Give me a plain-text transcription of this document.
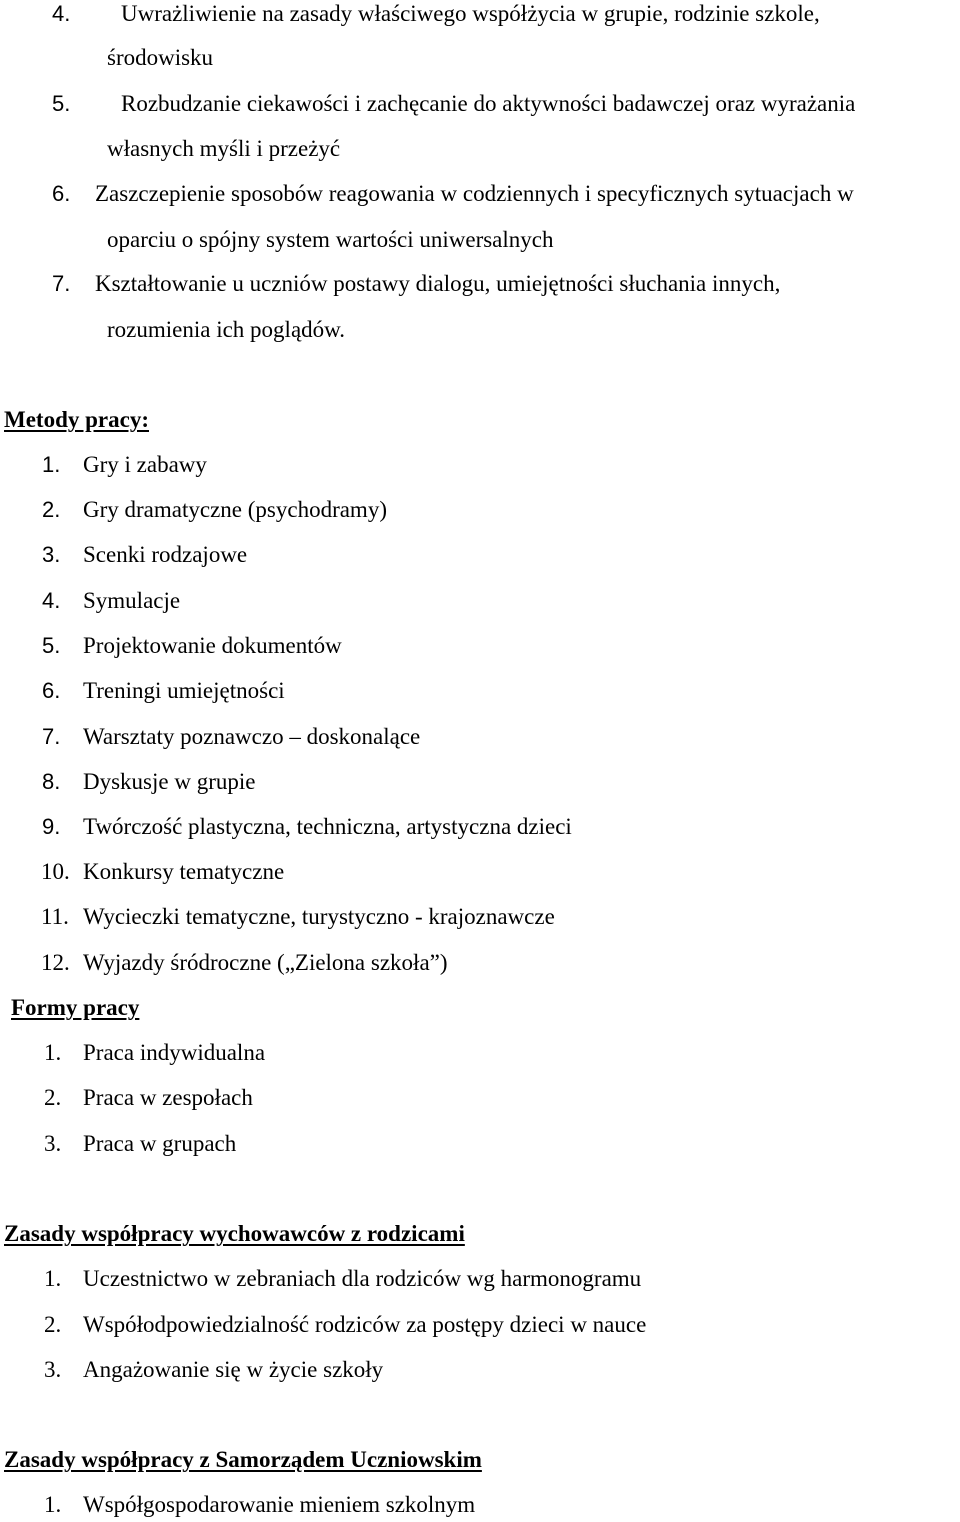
4. Uwrażliwienie na zasady właściwego współżycia w grupie, rodzinie szkole,
środowisku
5. Rozbudzanie ciekawości i zachęcanie do aktywności badawczej oraz wyrażania
własnych myśli i przeżyć
6. Zaszczepienie sposobów reagowania w codziennych i specyficznych sytuacjach w
oparciu o spójny system wartości uniwersalnych
7. Kształtowanie u uczniów postawy dialogu, umiejętności słuchania innych,
rozumienia ich poglądów.
Metody pracy:
1. Gry i zabawy
2. Gry dramatyczne (psychodramy)
3. Scenki rodzajowe
4. Symulacje
5. Projektowanie dokumentów
6. Treningi umiejętności
7. Warsztaty poznawczo – doskonalące
8. Dyskusje w grupie
9. Twórczość plastyczna, techniczna, artystyczna dzieci
10. Konkursy tematyczne
11. Wycieczki tematyczne, turystyczno - krajoznawcze
12. Wyjazdy śródroczne („Zielona szkoła”)
Formy pracy
1. Praca indywidualna
2. Praca w zespołach
3. Praca w grupach
Zasady współpracy wychowawców z rodzicami
1. Uczestnictwo w zebraniach dla rodziców wg harmonogramu
2. Współodpowiedzialność rodziców za postępy dzieci w nauce
3. Angażowanie się w życie szkoły
Zasady współpracy z Samorządem Uczniowskim
1. Współgospodarowanie mieniem szkolnym
